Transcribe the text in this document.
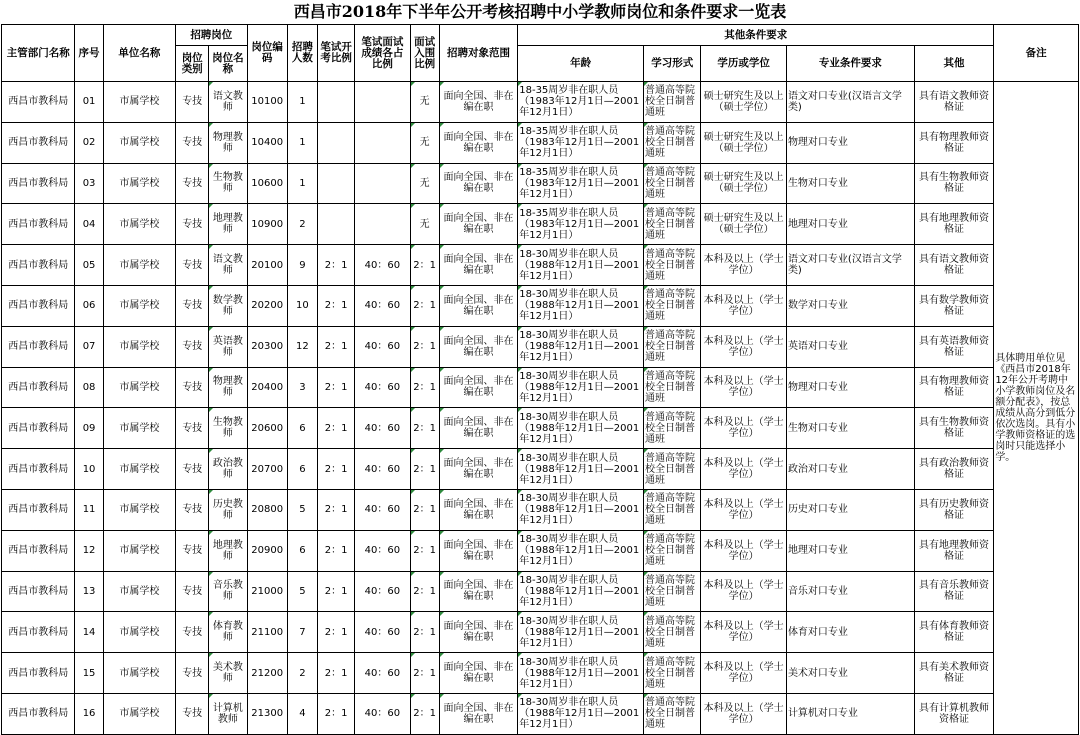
西昌市2018年下半年公开考核招聘中小学教师岗位和条件要求一览表
主管部门名称	序号	单位名称	招聘岗位		岗位编码	招聘人数	笔试开考比例	笔试面试成绩各占比例	面试入围比例	招聘对象范围	其他条件要求					备注
			岗位类别	岗位名称							年龄	学习形式	学历或学位	专业条件要求	其他	
西昌市教科局	01	市属学校	专技	语文教师	10100	1			无	面向全国、非在编在职	18-35周岁非在职人员（1983年12月1日—2001年12月1日）	普通高等院校全日制普通班	硕士研究生及以上（硕士学位）	语文对口专业(汉语言文学类)	具有语文教师资格证	具体聘用单位见《西昌市2018年12年公开考聘中小学教师岗位及名额分配表》，按总成绩从高分到低分依次选岗。具有小学教师资格证的选岗时只能选择小学。
西昌市教科局	02	市属学校	专技	物理教师	10400	1			无	面向全国、非在编在职	18-35周岁非在职人员（1983年12月1日—2001年12月1日）	普通高等院校全日制普通班	硕士研究生及以上（硕士学位）	物理对口专业	具有物理教师资格证	
西昌市教科局	03	市属学校	专技	生物教师	10600	1			无	面向全国、非在编在职	18-35周岁非在职人员（1983年12月1日—2001年12月1日）	普通高等院校全日制普通班	硕士研究生及以上（硕士学位）	生物对口专业	具有生物教师资格证	
西昌市教科局	04	市属学校	专技	地理教师	10900	2			无	面向全国、非在编在职	18-35周岁非在职人员（1983年12月1日—2001年12月1日）	普通高等院校全日制普通班	硕士研究生及以上（硕士学位）	地理对口专业	具有地理教师资格证	
西昌市教科局	05	市属学校	专技	语文教师	20100	9	2：1	40：60	2：1	面向全国、非在编在职	18-30周岁非在职人员（1988年12月1日—2001年12月1日）	普通高等院校全日制普通班	本科及以上（学士学位）	语文对口专业(汉语言文学类)	具有语文教师资格证	
西昌市教科局	06	市属学校	专技	数学教师	20200	10	2：1	40：60	2：1	面向全国、非在编在职	18-30周岁非在职人员（1988年12月1日—2001年12月1日）	普通高等院校全日制普通班	本科及以上（学士学位）	数学对口专业	具有数学教师资格证	
西昌市教科局	07	市属学校	专技	英语教师	20300	12	2：1	40：60	2：1	面向全国、非在编在职	18-30周岁非在职人员（1988年12月1日—2001年12月1日）	普通高等院校全日制普通班	本科及以上（学士学位）	英语对口专业	具有英语教师资格证	
西昌市教科局	08	市属学校	专技	物理教师	20400	3	2：1	40：60	2：1	面向全国、非在编在职	18-30周岁非在职人员（1988年12月1日—2001年12月1日）	普通高等院校全日制普通班	本科及以上（学士学位）	物理对口专业	具有物理教师资格证	
西昌市教科局	09	市属学校	专技	生物教师	20600	6	2：1	40：60	2：1	面向全国、非在编在职	18-30周岁非在职人员（1988年12月1日—2001年12月1日）	普通高等院校全日制普通班	本科及以上（学士学位）	生物对口专业	具有生物教师资格证	
西昌市教科局	10	市属学校	专技	政治教师	20700	6	2：1	40：60	2：1	面向全国、非在编在职	18-30周岁非在职人员（1988年12月1日—2001年12月1日）	普通高等院校全日制普通班	本科及以上（学士学位）	政治对口专业	具有政治教师资格证	
西昌市教科局	11	市属学校	专技	历史教师	20800	5	2：1	40：60	2：1	面向全国、非在编在职	18-30周岁非在职人员（1988年12月1日—2001年12月1日）	普通高等院校全日制普通班	本科及以上（学士学位）	历史对口专业	具有历史教师资格证	
西昌市教科局	12	市属学校	专技	地理教师	20900	6	2：1	40：60	2：1	面向全国、非在编在职	18-30周岁非在职人员（1988年12月1日—2001年12月1日）	普通高等院校全日制普通班	本科及以上（学士学位）	地理对口专业	具有地理教师资格证	
西昌市教科局	13	市属学校	专技	音乐教师	21000	5	2：1	40：60	2：1	面向全国、非在编在职	18-30周岁非在职人员（1988年12月1日—2001年12月1日）	普通高等院校全日制普通班	本科及以上（学士学位）	音乐对口专业	具有音乐教师资格证	
西昌市教科局	14	市属学校	专技	体育教师	21100	7	2：1	40：60	2：1	面向全国、非在编在职	18-30周岁非在职人员（1988年12月1日—2001年12月1日）	普通高等院校全日制普通班	本科及以上（学士学位）	体育对口专业	具有体育教师资格证	
西昌市教科局	15	市属学校	专技	美术教师	21200	2	2：1	40：60	2：1	面向全国、非在编在职	18-30周岁非在职人员（1988年12月1日—2001年12月1日）	普通高等院校全日制普通班	本科及以上（学士学位）	美术对口专业	具有美术教师资格证	
西昌市教科局	16	市属学校	专技	计算机教师	21300	4	2：1	40：60	2：1	面向全国、非在编在职	18-30周岁非在职人员（1988年12月1日—2001年12月1日）	普通高等院校全日制普通班	本科及以上（学士学位）	计算机对口专业	具有计算机教师资格证	
